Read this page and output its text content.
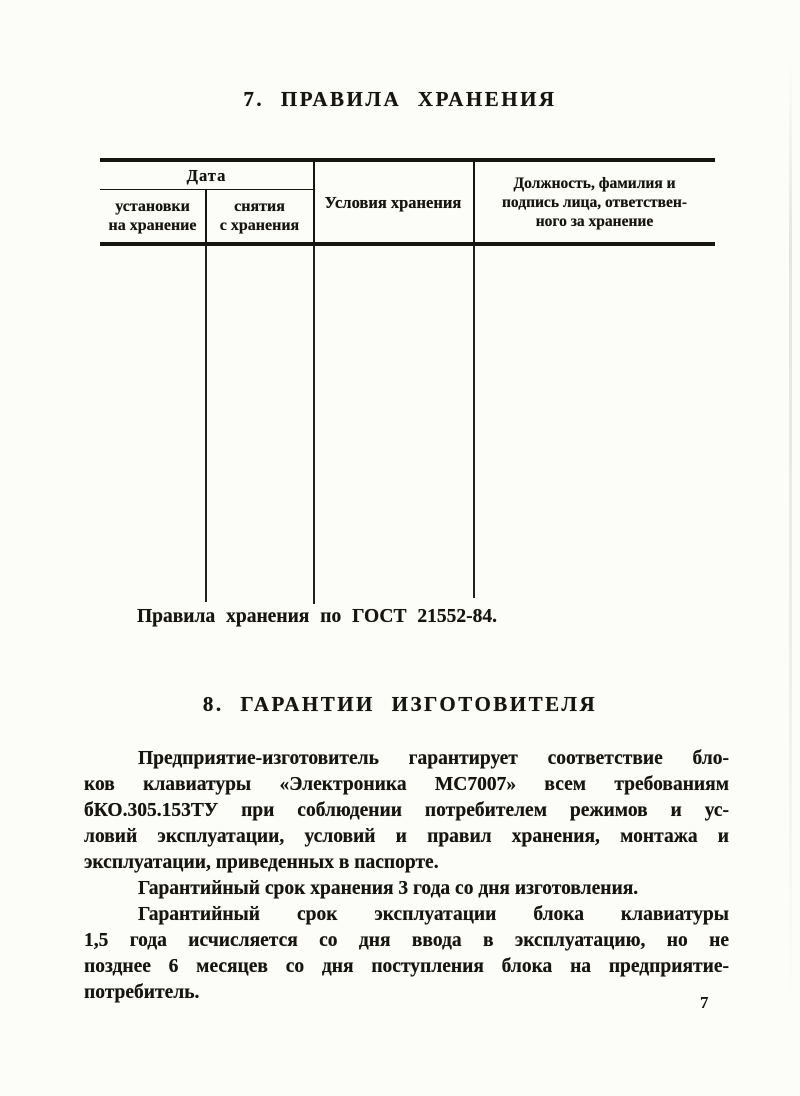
7. ПРАВИЛА ХРАНЕНИЯ
Дата
установки
на хранение
снятия
с хранения
Условия хранения
Должность, фамилия и
подпись лица, ответствен-
ного за хранение
Правила хранения по ГОСТ 21552-84.
8. ГАРАНТИИ ИЗГОТОВИТЕЛЯ
Предприятие-изготовитель гарантирует соответствие бло-
ков клавиатуры «Электроника МС7007» всем требованиям
бКО.305.153ТУ при соблюдении потребителем режимов и ус-
ловий эксплуатации, условий и правил хранения, монтажа и
эксплуатации, приведенных в паспорте.
Гарантийный срок хранения 3 года со дня изготовления.
Гарантийный срок эксплуатации блока клавиатуры
1,5 года исчисляется со дня ввода в эксплуатацию, но не
позднее 6 месяцев со дня поступления блока на предприятие-
потребитель.	7
